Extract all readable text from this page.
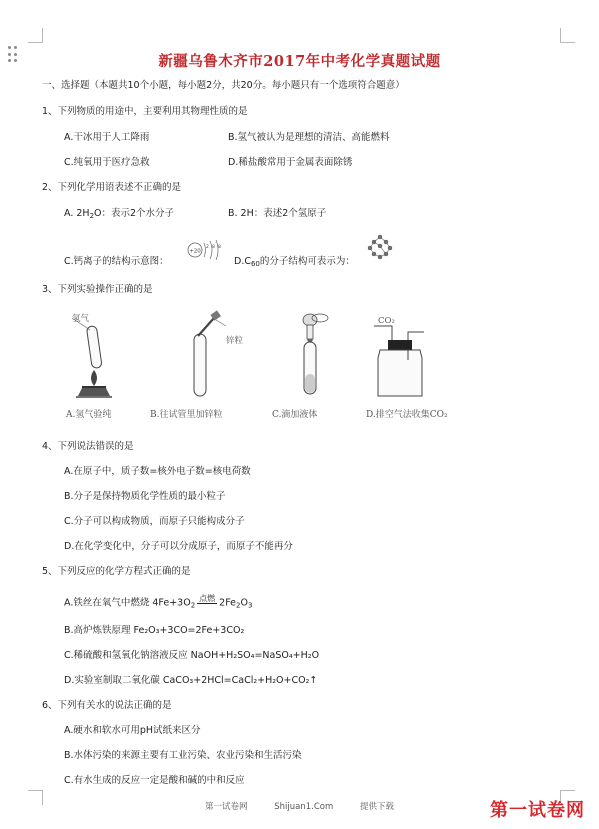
新疆乌鲁木齐市2017年中考化学真题试题
一、选择题（本题共10个小题，每小题2分，共20分。每小题只有一个选项符合题意）
1、下列物质的用途中，主要利用其物理性质的是
A.干冰用于人工降雨	B.氢气被认为是理想的清洁、高能燃料
C.纯氧用于医疗急救	D.稀盐酸常用于金属表面除锈
2、下列化学用语表述不正确的是
A. $2H_2O$：表示2个水分子	B. 2H：表述2个氢原子
C.钙离子的结构示意图：
+20
2 8 8
$D.C_{60}$的分子结构可表示为：
3、下列实验操作正确的是
氢气
锌粒
CO₂
A.氢气验纯	B.往试管里加锌粒	C.滴加液体	D.排空气法收集CO₂
4、下列说法错误的是
A.在原子中，质子数=核外电子数=核电荷数
B.分子是保持物质化学性质的最小粒子
C.分子可以构成物质，而原子只能构成分子
D.在化学变化中，分子可以分成原子，而原子不能再分
5、下列反应的化学方程式正确的是
A.铁丝在氧气中燃烧 $4Fe+3O_2$
点燃 $2Fe_2O_3$
B.高炉炼铁原理 Fe₂O₃+3CO=2Fe+3CO₂
C.稀硫酸和氢氧化钠溶液反应 NaOH+H₂SO₄=NaSO₄+H₂O
D.实验室制取二氧化碳 CaCO₃+2HCl=CaCl₂+H₂O+CO₂↑
6、下列有关水的说法正确的是
A.硬水和软水可用pH试纸来区分
B.水体污染的来源主要有工业污染、农业污染和生活污染
C.有水生成的反应一定是酸和碱的中和反应
第一试卷网	Shijuan1.Com	提供下载	第一试卷网
